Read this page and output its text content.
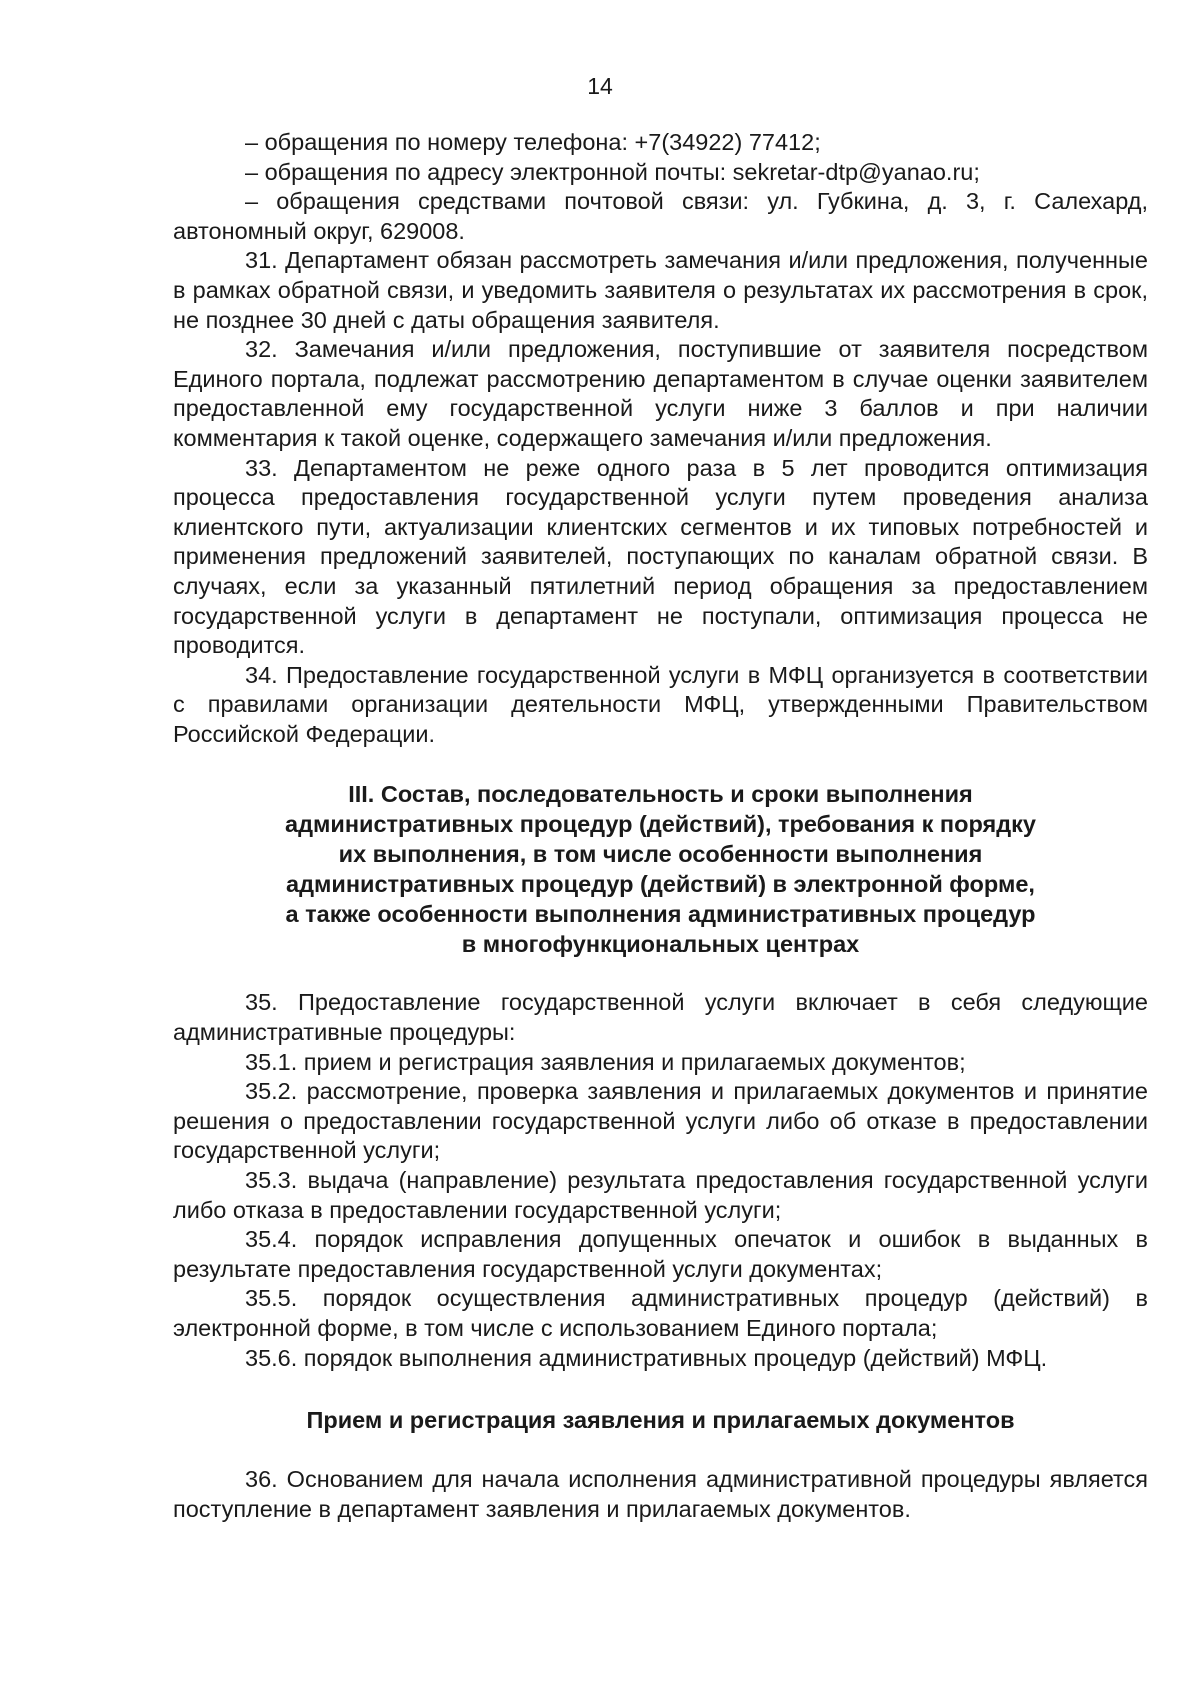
14

– обращения по номеру телефона: +7(34922) 77412;

– обращения по адресу электронной почты: sekretar-dtp@yanao.ru;

– обращения средствами почтовой связи: ул. Губкина, д. 3, г. Салехард, автономный округ, 629008.

31. Департамент обязан рассмотреть замечания и/или предложения, полученные в рамках обратной связи, и уведомить заявителя о результатах их рассмотрения в срок, не позднее 30 дней с даты обращения заявителя.

32. Замечания и/или предложения, поступившие от заявителя посредством Единого портала, подлежат рассмотрению департаментом в случае оценки заявителем предоставленной ему государственной услуги ниже 3 баллов и при наличии комментария к такой оценке, содержащего замечания и/или предложения.

33. Департаментом не реже одного раза в 5 лет проводится оптимизация процесса предоставления государственной услуги путем проведения анализа клиентского пути, актуализации клиентских сегментов и их типовых потребностей и применения предложений заявителей, поступающих по каналам обратной связи. В случаях, если за указанный пятилетний период обращения за предоставлением государственной услуги в департамент не поступали, оптимизация процесса не проводится.

34. Предоставление государственной услуги в МФЦ организуется в соответствии с правилами организации деятельности МФЦ, утвержденными Правительством Российской Федерации.

III. Состав, последовательность и сроки выполнения
административных процедур (действий), требования к порядку
их выполнения, в том числе особенности выполнения
административных процедур (действий) в электронной форме,
а также особенности выполнения административных процедур
в многофункциональных центрах

35. Предоставление государственной услуги включает в себя следующие административные процедуры:

35.1. прием и регистрация заявления и прилагаемых документов;

35.2. рассмотрение, проверка заявления и прилагаемых документов и принятие решения о предоставлении государственной услуги либо об отказе в предоставлении государственной услуги;

35.3. выдача (направление) результата предоставления государственной услуги либо отказа в предоставлении государственной услуги;

35.4. порядок исправления допущенных опечаток и ошибок в выданных в результате предоставления государственной услуги документах;

35.5. порядок осуществления административных процедур (действий) в электронной форме, в том числе с использованием Единого портала;

35.6. порядок выполнения административных процедур (действий) МФЦ.

Прием и регистрация заявления и прилагаемых документов

36. Основанием для начала исполнения административной процедуры является поступление в департамент заявления и прилагаемых документов.
